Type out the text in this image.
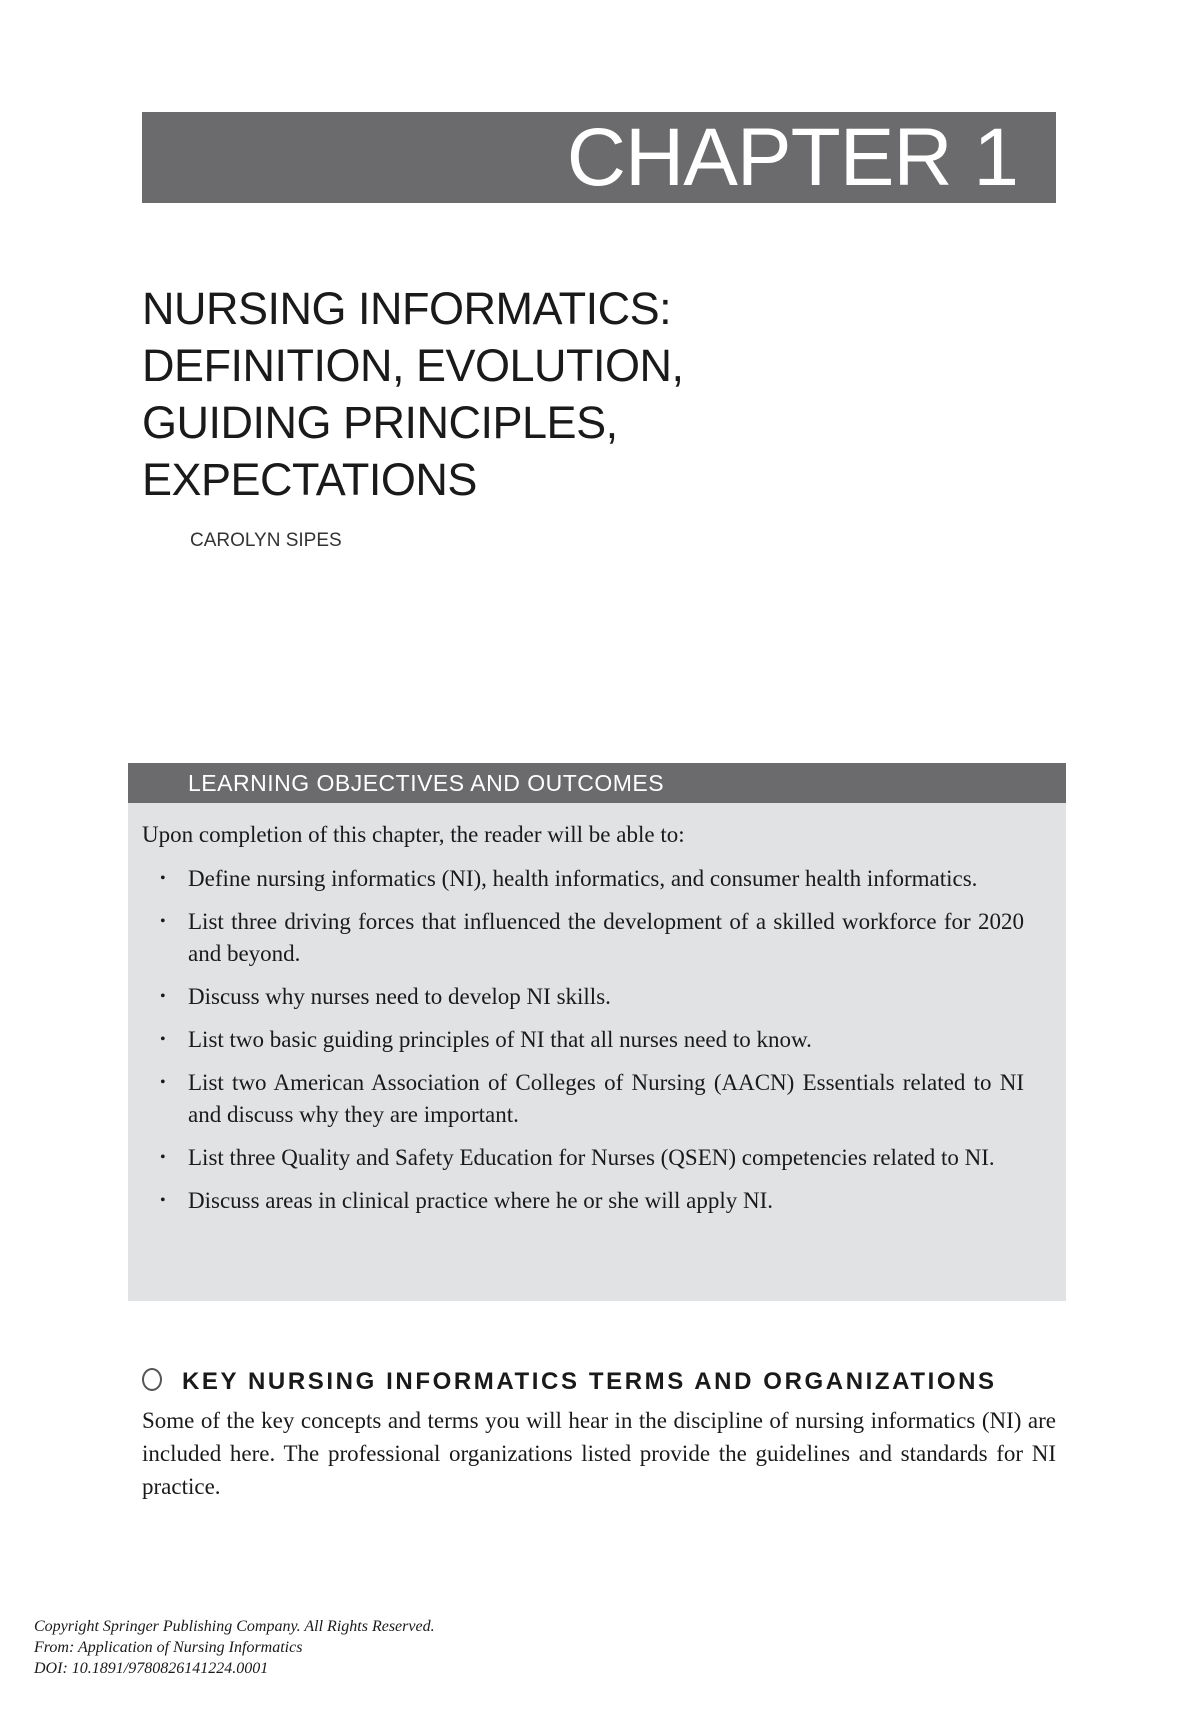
CHAPTER 1
NURSING INFORMATICS:
DEFINITION, EVOLUTION,
GUIDING PRINCIPLES,
EXPECTATIONS
CAROLYN SIPES
LEARNING OBJECTIVES AND OUTCOMES

Upon completion of this chapter, the reader will be able to:

• Define nursing informatics (NI), health informatics, and consumer health informatics.
• List three driving forces that influenced the development of a skilled workforce for 2020 and beyond.
• Discuss why nurses need to develop NI skills.
• List two basic guiding principles of NI that all nurses need to know.
• List two American Association of Colleges of Nursing (AACN) Essentials related to NI and discuss why they are important.
• List three Quality and Safety Education for Nurses (QSEN) competencies related to NI.
• Discuss areas in clinical practice where he or she will apply NI.
KEY NURSING INFORMATICS TERMS AND ORGANIZATIONS

Some of the key concepts and terms you will hear in the discipline of nursing informatics (NI) are included here. The professional organizations listed provide the guidelines and standards for NI practice.

Copyright Springer Publishing Company. All Rights Reserved.
From: Application of Nursing Informatics
DOI: 10.1891/9780826141224.0001
